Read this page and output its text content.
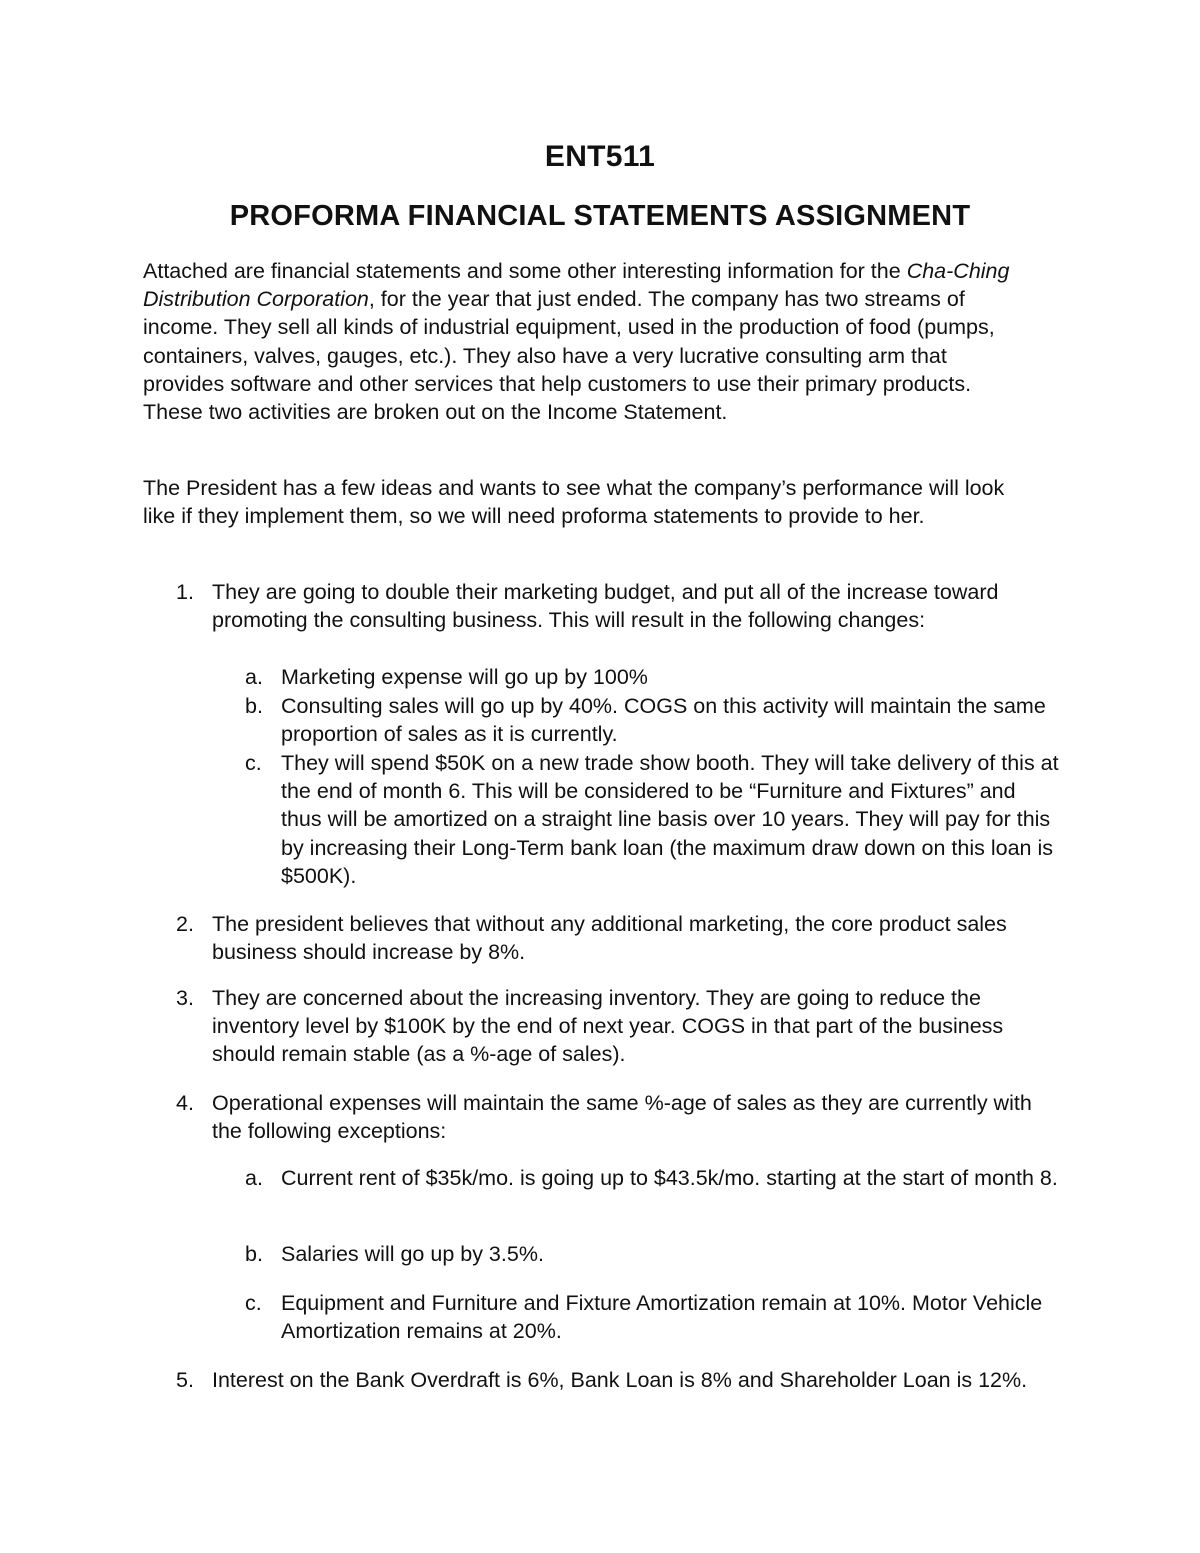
ENT511
PROFORMA FINANCIAL STATEMENTS ASSIGNMENT
Attached are financial statements and some other interesting information for the Cha-Ching Distribution Corporation, for the year that just ended. The company has two streams of income. They sell all kinds of industrial equipment, used in the production of food (pumps, containers, valves, gauges, etc.). They also have a very lucrative consulting arm that provides software and other services that help customers to use their primary products. These two activities are broken out on the Income Statement.
The President has a few ideas and wants to see what the company’s performance will look like if they implement them, so we will need proforma statements to provide to her.
1. They are going to double their marketing budget, and put all of the increase toward promoting the consulting business. This will result in the following changes:
a. Marketing expense will go up by 100%
b. Consulting sales will go up by 40%. COGS on this activity will maintain the same proportion of sales as it is currently.
c. They will spend $50K on a new trade show booth. They will take delivery of this at the end of month 6. This will be considered to be “Furniture and Fixtures” and thus will be amortized on a straight line basis over 10 years. They will pay for this by increasing their Long-Term bank loan (the maximum draw down on this loan is $500K).
2. The president believes that without any additional marketing, the core product sales business should increase by 8%.
3. They are concerned about the increasing inventory. They are going to reduce the inventory level by $100K by the end of next year. COGS in that part of the business should remain stable (as a %-age of sales).
4. Operational expenses will maintain the same %-age of sales as they are currently with the following exceptions:
a. Current rent of $35k/mo. is going up to $43.5k/mo. starting at the start of month 8.
b. Salaries will go up by 3.5%.
c. Equipment and Furniture and Fixture Amortization remain at 10%. Motor Vehicle Amortization remains at 20%.
5. Interest on the Bank Overdraft is 6%, Bank Loan is 8% and Shareholder Loan is 12%.
